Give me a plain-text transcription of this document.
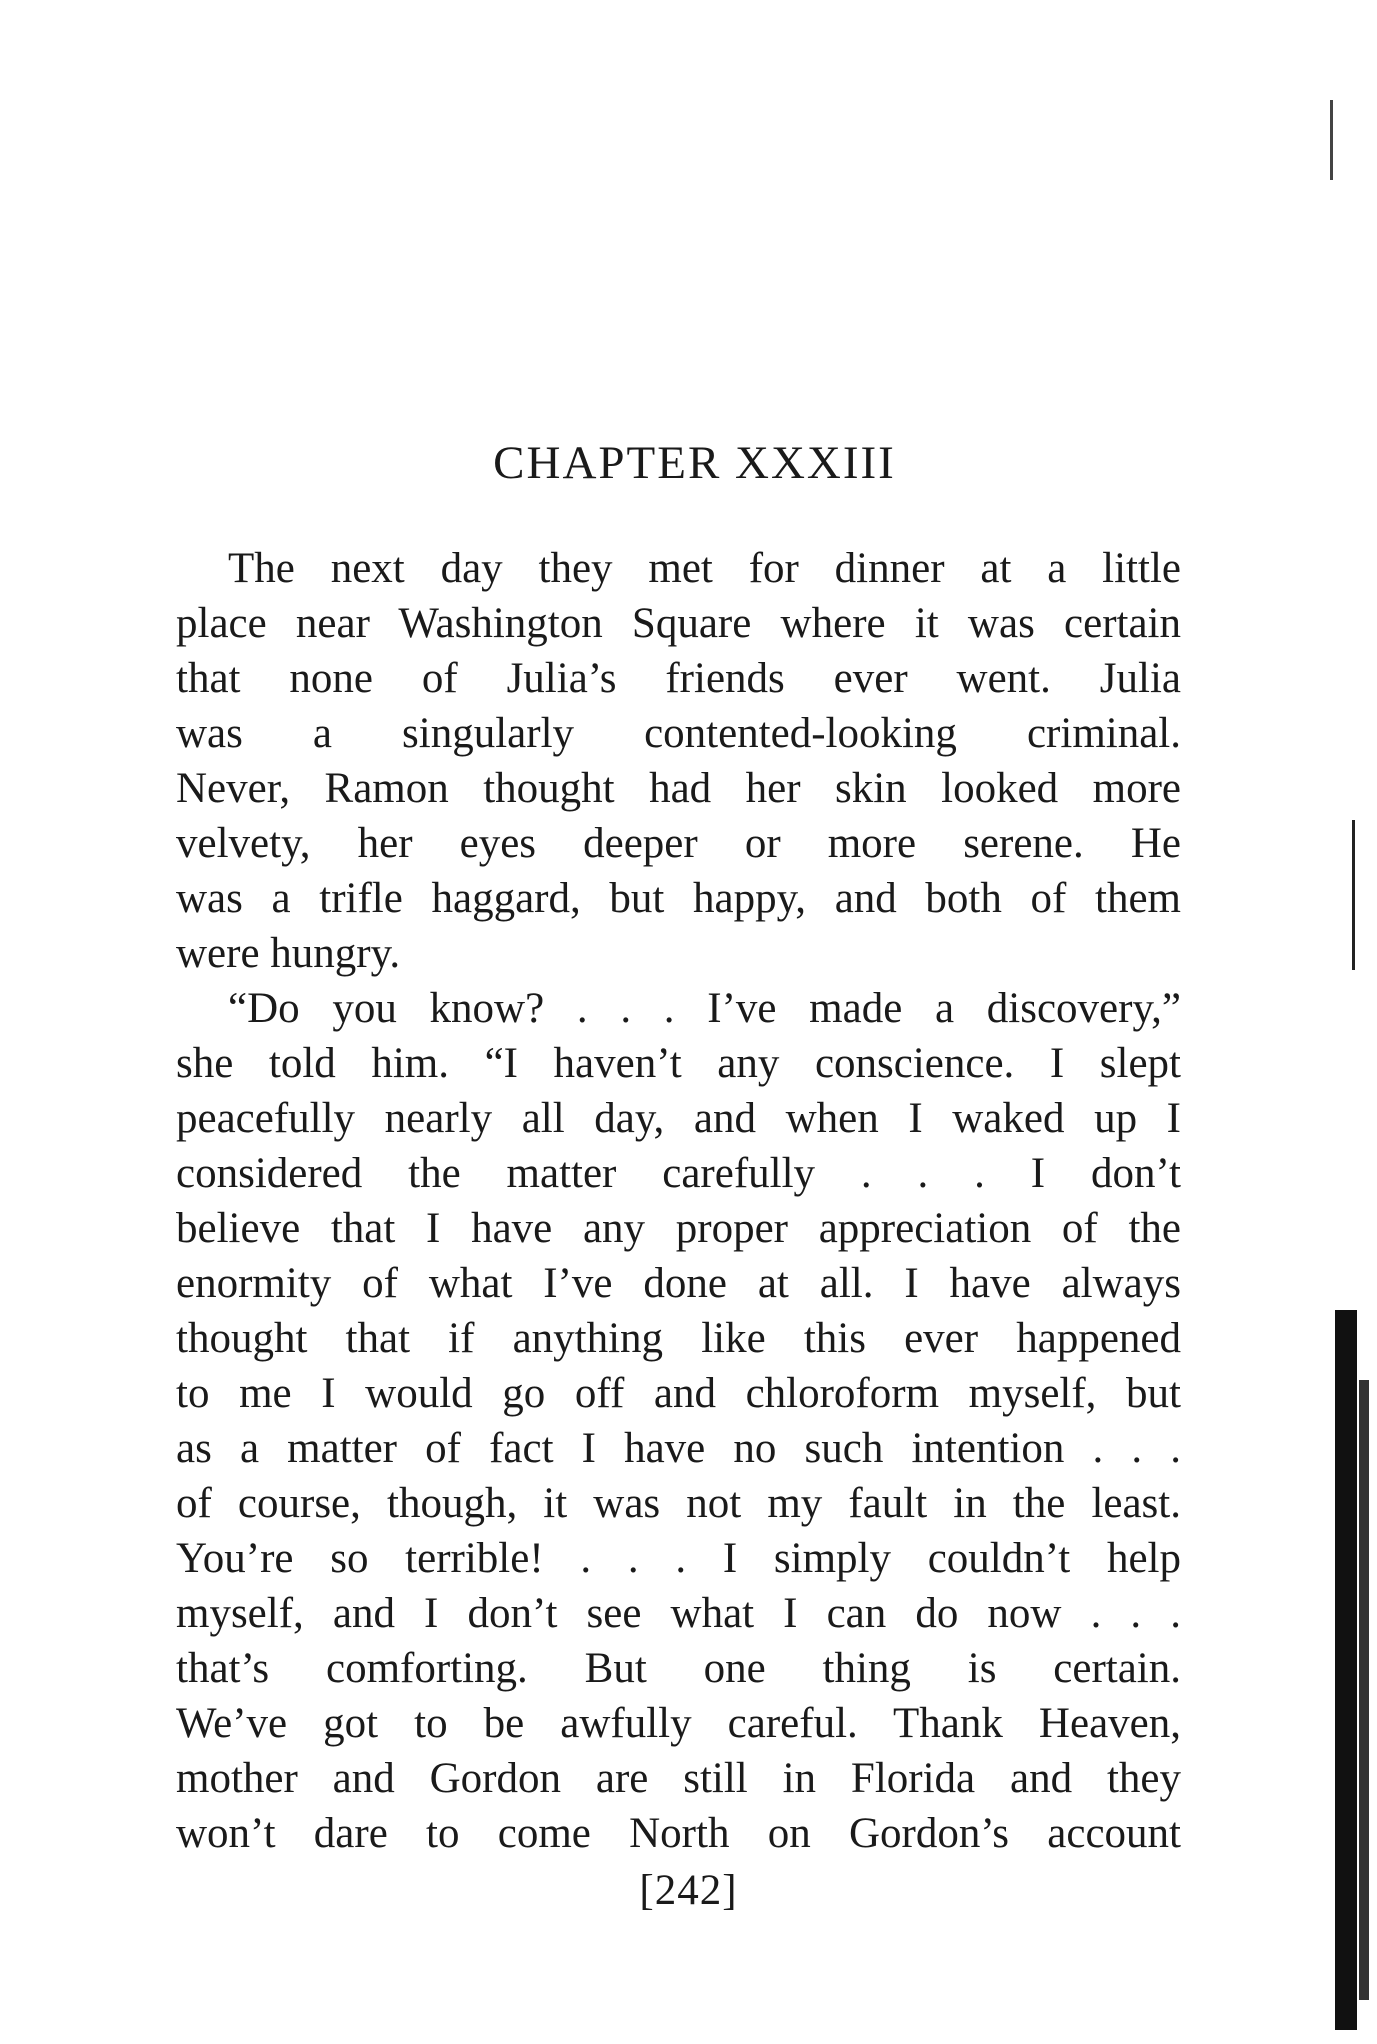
CHAPTER XXXIII
The next day they met for dinner at a little
place near Washington Square where it was certain
that none of Julia’s friends ever went. Julia
was a singularly contented-looking criminal.
Never, Ramon thought had her skin looked more
velvety, her eyes deeper or more serene. He
was a trifle haggard, but happy, and both of them
were hungry.
“Do you know? . . . I’ve made a discovery,”
she told him. “I haven’t any conscience. I slept
peacefully nearly all day, and when I waked up I
considered the matter carefully . . . I don’t
believe that I have any proper appreciation of the
enormity of what I’ve done at all. I have always
thought that if anything like this ever happened
to me I would go off and chloroform myself, but
as a matter of fact I have no such intention . . .
of course, though, it was not my fault in the least.
You’re so terrible! . . . I simply couldn’t help
myself, and I don’t see what I can do now . . .
that’s comforting. But one thing is certain.
We’ve got to be awfully careful. Thank Heaven,
mother and Gordon are still in Florida and they
won’t dare to come North on Gordon’s account
[242]
